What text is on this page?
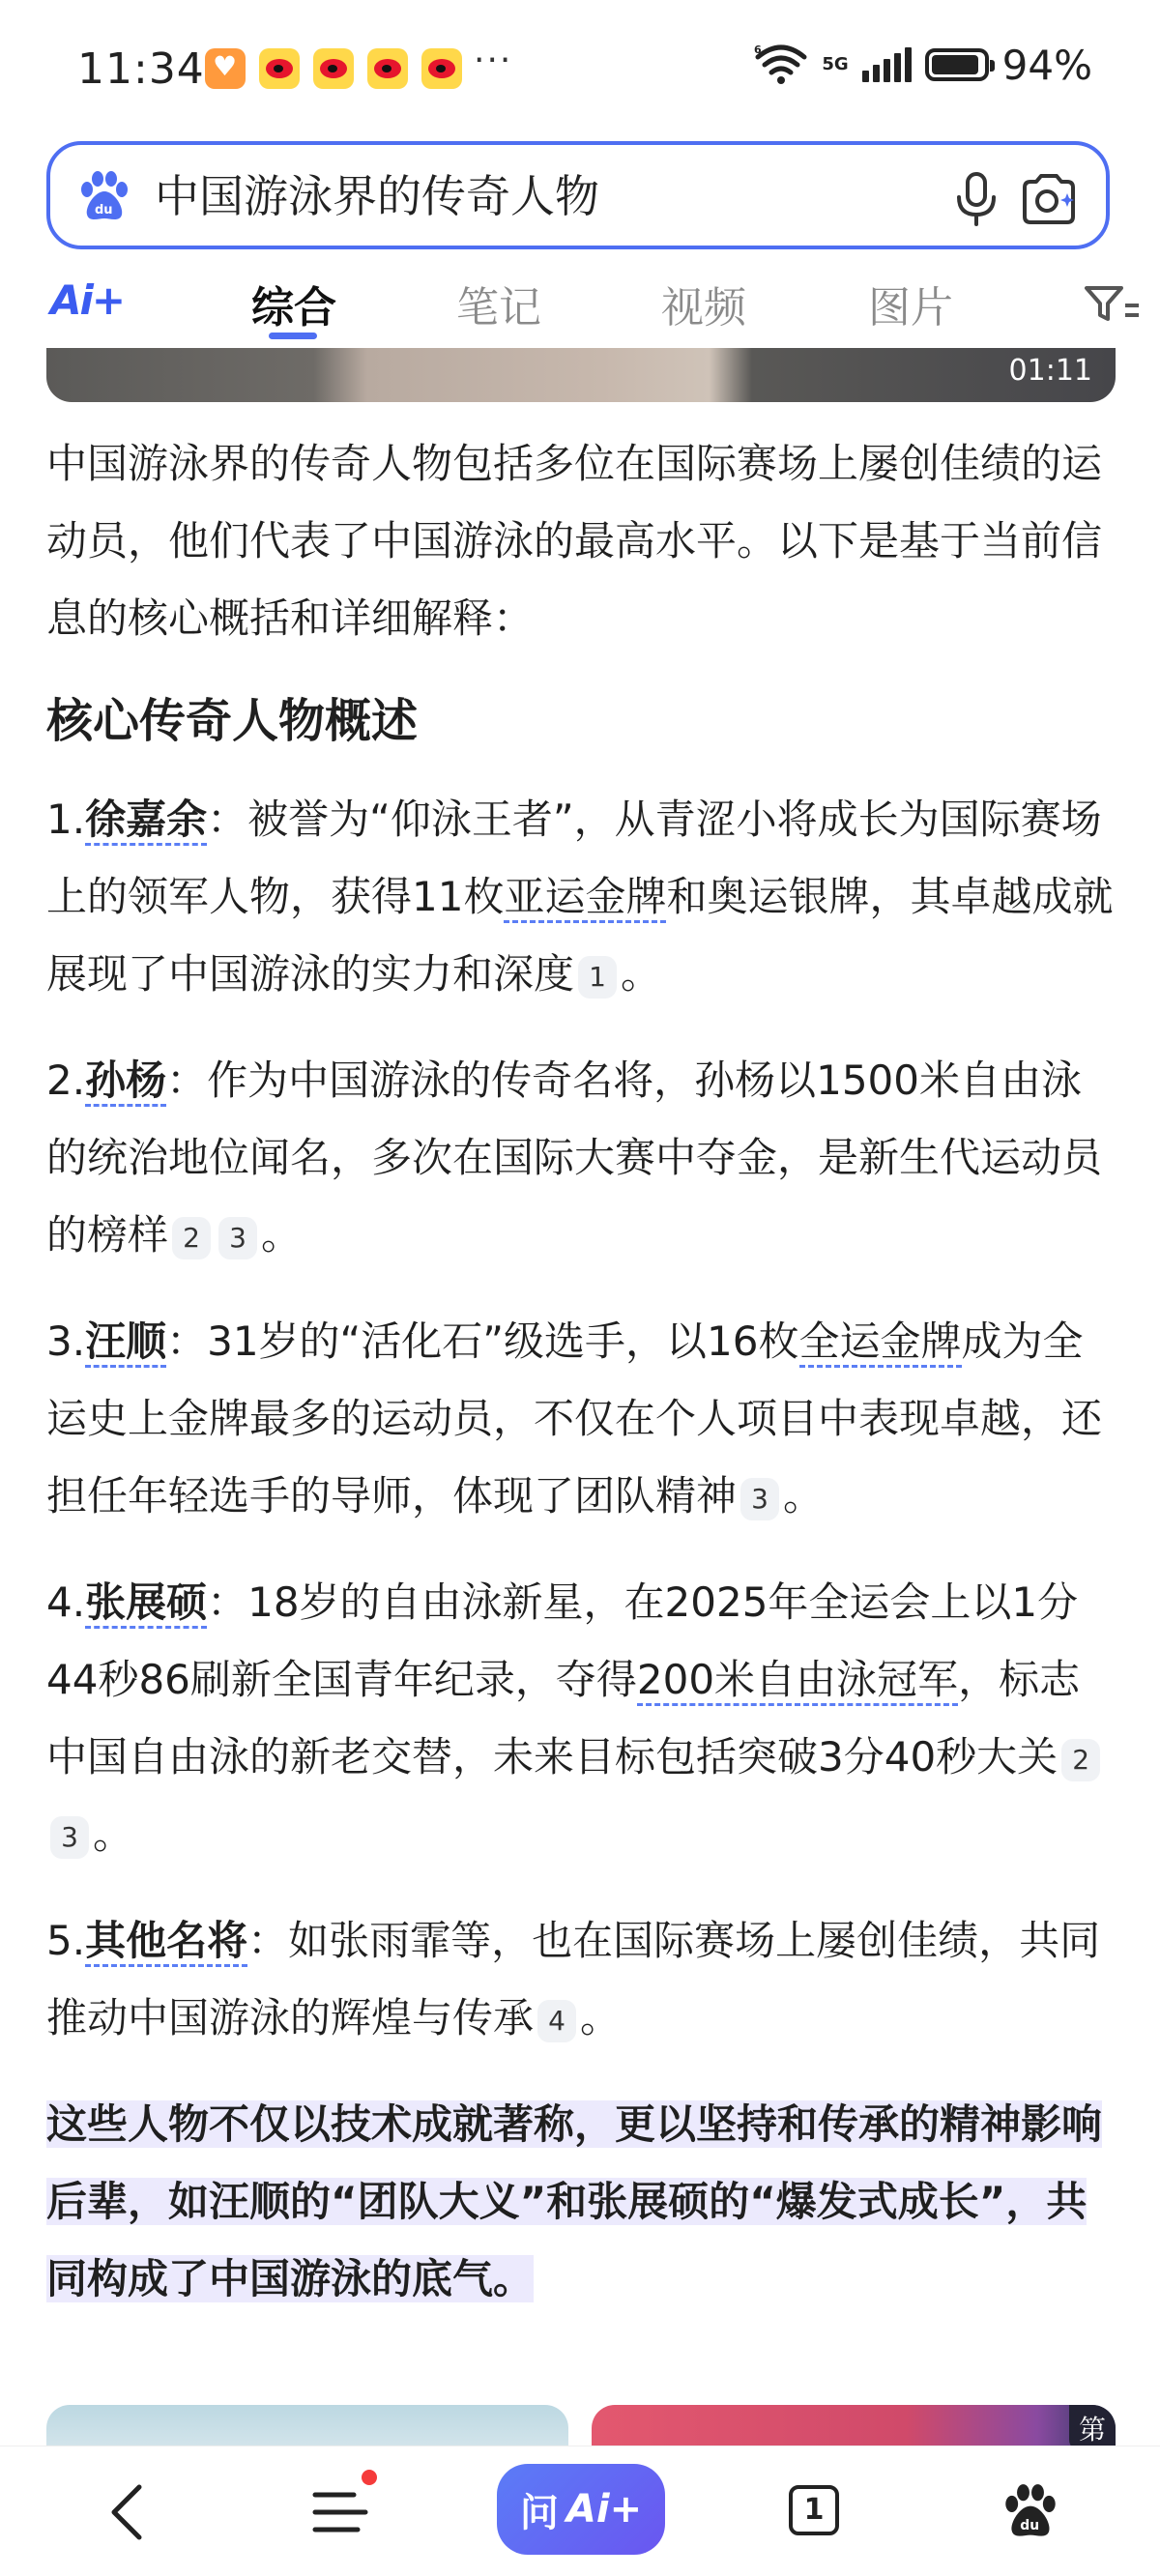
11:34
♥	···	6
5G	94%
du 中国游泳界的传奇人物
Ai+	综合	笔记	视频	图片
01:11

中国游泳界的传奇人物包括多位在国际赛场上屡创佳绩的运动员，他们代表了中国游泳的最高水平。以下是基于当前信息的核心概括和详细解释：

核心传奇人物概述
1.徐嘉余：被誉为“仰泳王者”，从青涩小将成长为国际赛场上的领军人物，获得11枚亚运金牌和奥运银牌，其卓越成就展现了中国游泳的实力和深度 1 。
2.孙杨：作为中国游泳的传奇名将，孙杨以1500米自由泳的统治地位闻名，多次在国际大赛中夺金，是新生代运动员的榜样 2 3 。
3.汪顺：31岁的“活化石”级选手，以16枚全运金牌成为全运史上金牌最多的运动员，不仅在个人项目中表现卓越，还担任年轻选手的导师，体现了团队精神 3 。
4.张展硕：18岁的自由泳新星，在2025年全运会上以1分44秒86刷新全国青年纪录，夺得200米自由泳冠军，标志中国自由泳的新老交替，未来目标包括突破3分40秒大关 23 。
5.其他名将：如张雨霏等，也在国际赛场上屡创佳绩，共同推动中国游泳的辉煌与传承 4 。
这些人物不仅以技术成就著称，更以坚持和传承的精神影响后辈，如汪顺的“团队大义”和张展硕的“爆发式成长”，共同构成了中国游泳的底气。
第
问 Ai+	1	du
